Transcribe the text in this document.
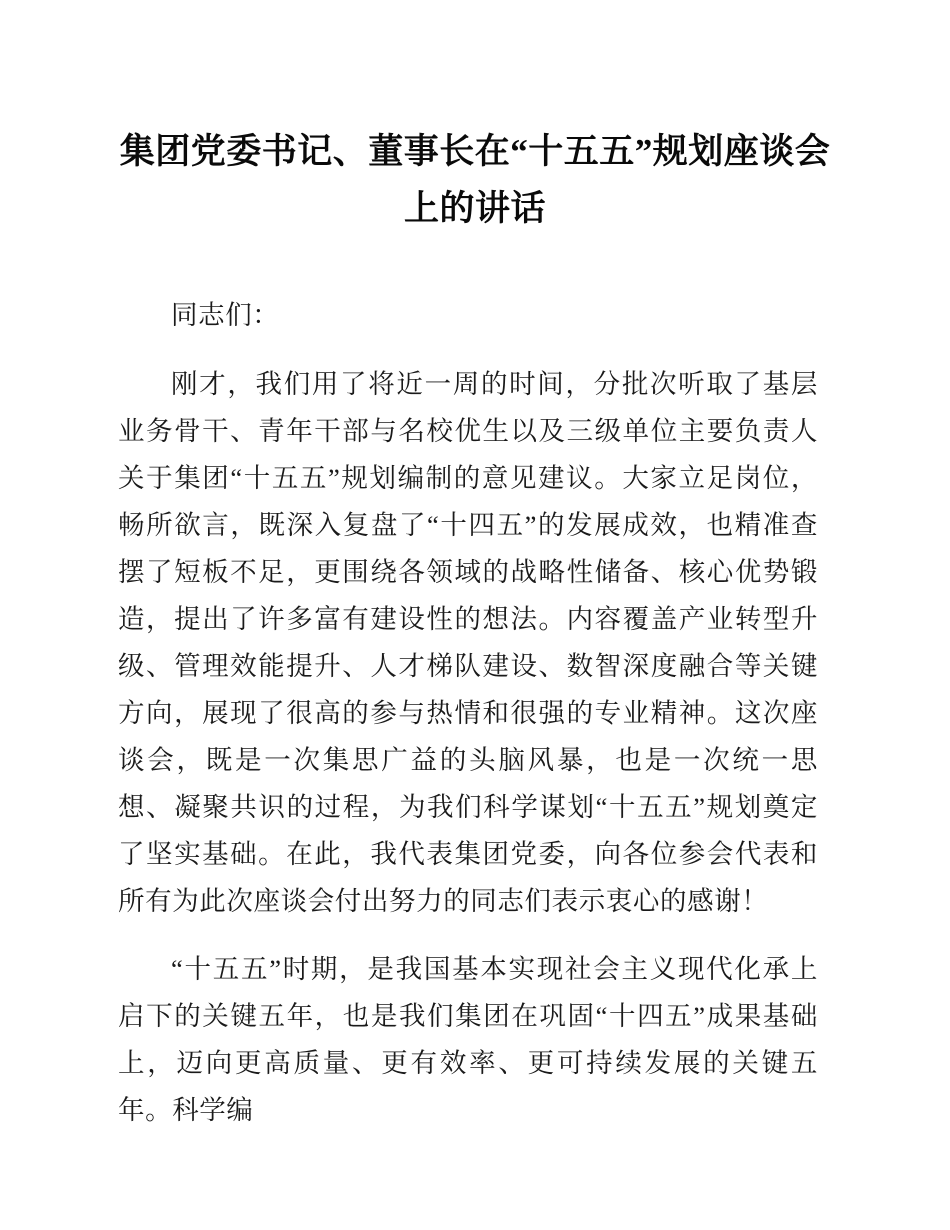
集团党委书记、董事长在“十五五”规划座谈会上的讲话

同志们：

刚才，我们用了将近一周的时间，分批次听取了基层业务骨干、青年干部与名校优生以及三级单位主要负责人关于集团“十五五”规划编制的意见建议。大家立足岗位，畅所欲言，既深入复盘了“十四五”的发展成效，也精准查摆了短板不足，更围绕各领域的战略性储备、核心优势锻造，提出了许多富有建设性的想法。内容覆盖产业转型升级、管理效能提升、人才梯队建设、数智深度融合等关键方向，展现了很高的参与热情和很强的专业精神。这次座谈会，既是一次集思广益的头脑风暴，也是一次统一思想、凝聚共识的过程，为我们科学谋划“十五五”规划奠定了坚实基础。在此，我代表集团党委，向各位参会代表和所有为此次座谈会付出努力的同志们表示衷心的感谢！

“十五五”时期，是我国基本实现社会主义现代化承上启下的关键五年，也是我们集团在巩固“十四五”成果基础上，迈向更高质量、更有效率、更可持续发展的关键五年。科学编
